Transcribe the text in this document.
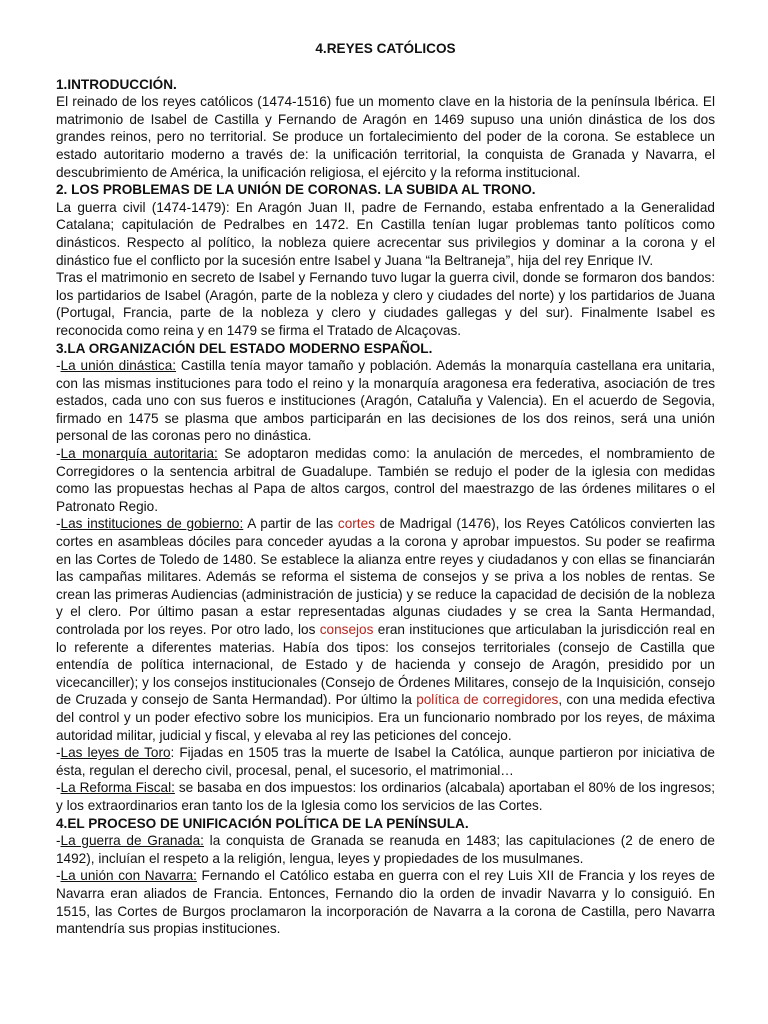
4.REYES CATÓLICOS
1.INTRODUCCIÓN.

El reinado de los reyes católicos (1474-1516) fue un momento clave en la historia de la península Ibérica. El matrimonio de Isabel de Castilla y Fernando de Aragón en 1469 supuso una unión dinástica de los dos grandes reinos, pero no territorial. Se produce un fortalecimiento del poder de la corona. Se establece un estado autoritario moderno a través de: la unificación territorial, la conquista de Granada y Navarra, el descubrimiento de América, la unificación religiosa, el ejército y la reforma institucional.

2. LOS PROBLEMAS DE LA UNIÓN DE CORONAS. LA SUBIDA AL TRONO.

La guerra civil (1474-1479): En Aragón Juan II, padre de Fernando, estaba enfrentado a la Generalidad Catalana; capitulación de Pedralbes en 1472. En Castilla tenían lugar problemas tanto políticos como dinásticos. Respecto al político, la nobleza quiere acrecentar sus privilegios y dominar a la corona y el dinástico fue el conflicto por la sucesión entre Isabel y Juana “la Beltraneja”, hija del rey Enrique IV.

Tras el matrimonio en secreto de Isabel y Fernando tuvo lugar la guerra civil, donde se formaron dos bandos: los partidarios de Isabel (Aragón, parte de la nobleza y clero y ciudades del norte) y los partidarios de Juana (Portugal, Francia, parte de la nobleza y clero y ciudades gallegas y del sur). Finalmente Isabel es reconocida como reina y en 1479 se firma el Tratado de Alcaçovas.

3.LA ORGANIZACIÓN DEL ESTADO MODERNO ESPAÑOL.

-La unión dinástica: Castilla tenía mayor tamaño y población. Además la monarquía castellana era unitaria, con las mismas instituciones para todo el reino y la monarquía aragonesa era federativa, asociación de tres estados, cada uno con sus fueros e instituciones (Aragón, Cataluña y Valencia). En el acuerdo de Segovia, firmado en 1475 se plasma que ambos participarán en las decisiones de los dos reinos, será una unión personal de las coronas pero no dinástica.

-La monarquía autoritaria: Se adoptaron medidas como: la anulación de mercedes, el nombramiento de Corregidores o la sentencia arbitral de Guadalupe. También se redujo el poder de la iglesia con medidas como las propuestas hechas al Papa de altos cargos, control del maestrazgo de las órdenes militares o el Patronato Regio.

-Las instituciones de gobierno: A partir de las cortes de Madrigal (1476), los Reyes Católicos convierten las cortes en asambleas dóciles para conceder ayudas a la corona y aprobar impuestos. Su poder se reafirma en las Cortes de Toledo de 1480. Se establece la alianza entre reyes y ciudadanos y con ellas se financiarán las campañas militares. Además se reforma el sistema de consejos y se priva a los nobles de rentas. Se crean las primeras Audiencias (administración de justicia) y se reduce la capacidad de decisión de la nobleza y el clero. Por último pasan a estar representadas algunas ciudades y se crea la Santa Hermandad, controlada por los reyes. Por otro lado, los consejos eran instituciones que articulaban la jurisdicción real en lo referente a diferentes materias. Había dos tipos: los consejos territoriales (consejo de Castilla que entendía de política internacional, de Estado y de hacienda y consejo de Aragón, presidido por un vicecanciller); y los consejos institucionales (Consejo de Órdenes Militares, consejo de la Inquisición, consejo de Cruzada y consejo de Santa Hermandad). Por último la política de corregidores, con una medida efectiva del control y un poder efectivo sobre los municipios. Era un funcionario nombrado por los reyes, de máxima autoridad militar, judicial y fiscal, y elevaba al rey las peticiones del concejo.

-Las leyes de Toro: Fijadas en 1505 tras la muerte de Isabel la Católica, aunque partieron por iniciativa de ésta, regulan el derecho civil, procesal, penal, el sucesorio, el matrimonial…

-La Reforma Fiscal: se basaba en dos impuestos: los ordinarios (alcabala) aportaban el 80% de los ingresos; y los extraordinarios eran tanto los de la Iglesia como los servicios de las Cortes.

4.EL PROCESO DE UNIFICACIÓN POLÍTICA DE LA PENÍNSULA.

-La guerra de Granada: la conquista de Granada se reanuda en 1483; las capitulaciones (2 de enero de 1492), incluían el respeto a la religión, lengua, leyes y propiedades de los musulmanes.

-La unión con Navarra: Fernando el Católico estaba en guerra con el rey Luis XII de Francia y los reyes de Navarra eran aliados de Francia. Entonces, Fernando dio la orden de invadir Navarra y lo consiguió. En 1515, las Cortes de Burgos proclamaron la incorporación de Navarra a la corona de Castilla, pero Navarra mantendría sus propias instituciones.
